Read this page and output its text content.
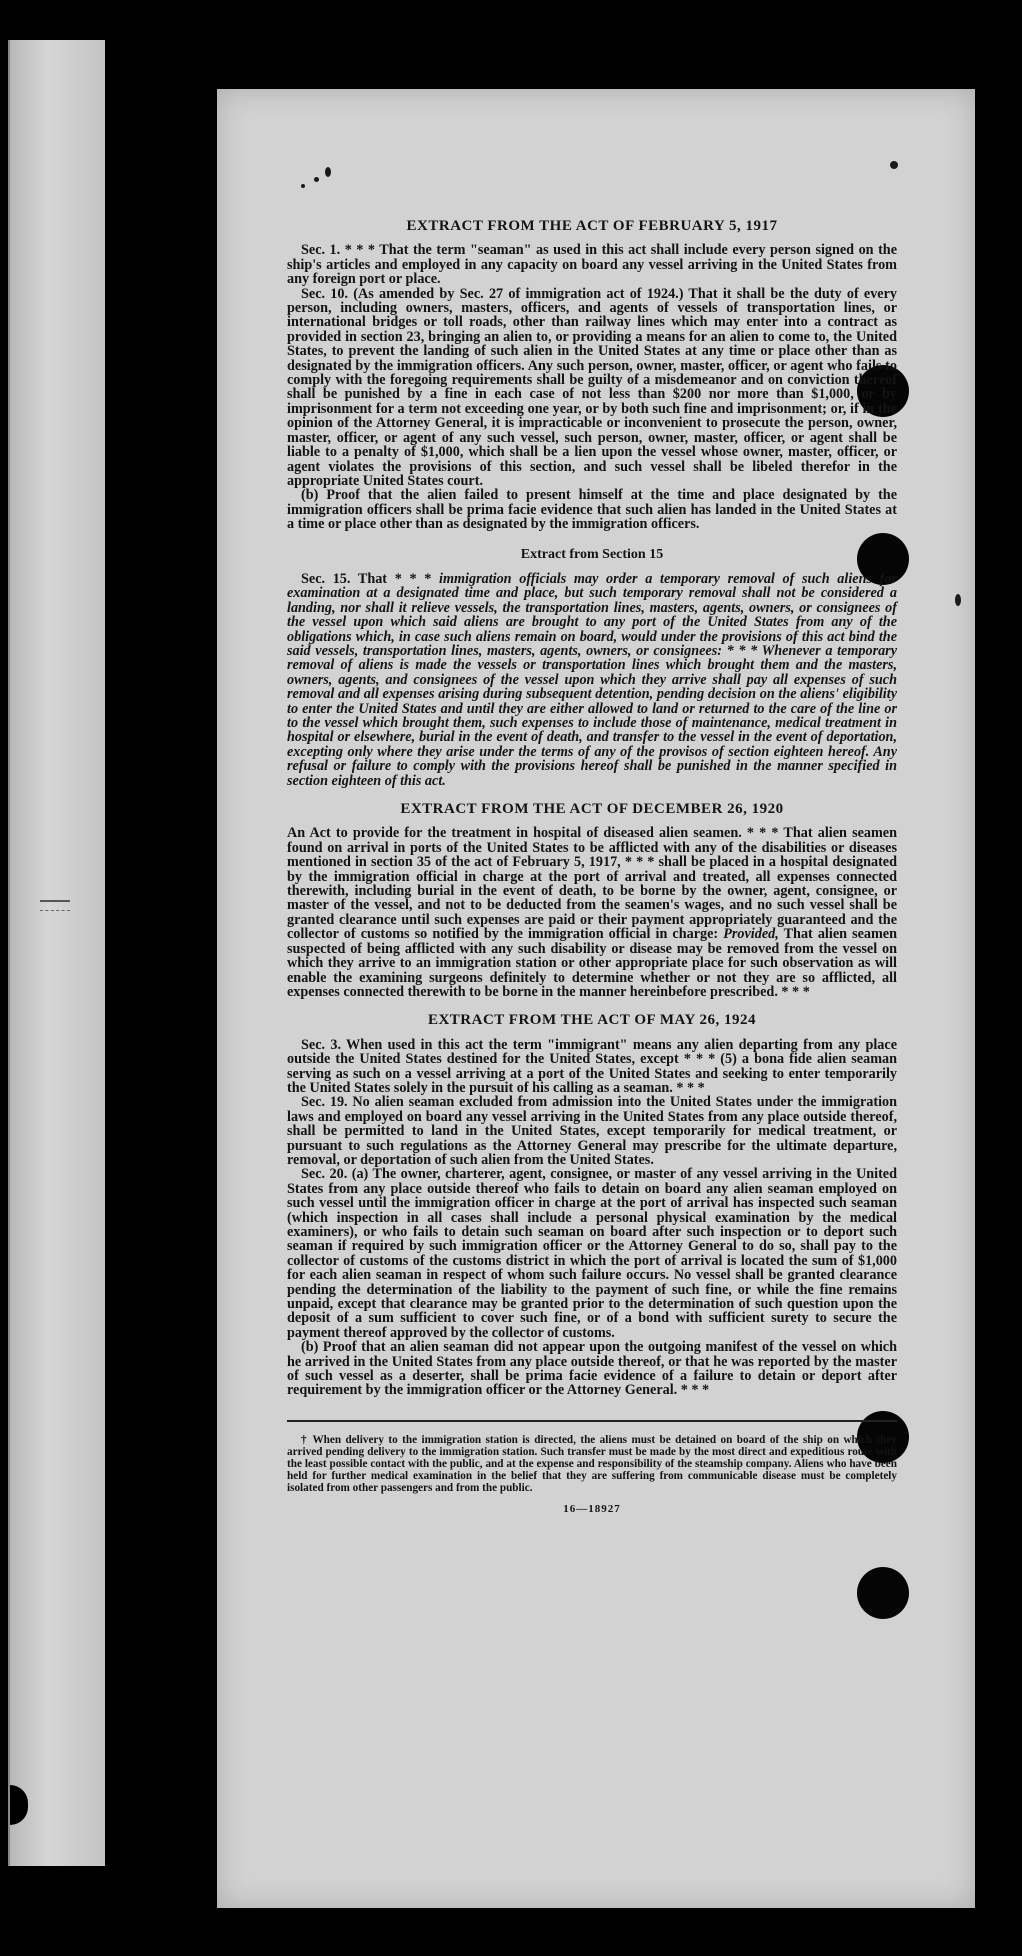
EXTRACT FROM THE ACT OF FEBRUARY 5, 1917

Sec. 1. * * * That the term "seaman" as used in this act shall include every person signed on the ship's articles and employed in any capacity on board any vessel arriving in the United States from any foreign port or place.

Sec. 10. (As amended by Sec. 27 of immigration act of 1924.) That it shall be the duty of every person, including owners, masters, officers, and agents of vessels of transportation lines, or international bridges or toll roads, other than railway lines which may enter into a contract as provided in section 23, bringing an alien to, or providing a means for an alien to come to, the United States, to prevent the landing of such alien in the United States at any time or place other than as designated by the immigration officers. Any such person, owner, master, officer, or agent who fails to comply with the foregoing requirements shall be guilty of a misdemeanor and on conviction thereof shall be punished by a fine in each case of not less than $200 nor more than $1,000, or by imprisonment for a term not exceeding one year, or by both such fine and imprisonment; or, if in the opinion of the Attorney General, it is impracticable or inconvenient to prosecute the person, owner, master, officer, or agent of any such vessel, such person, owner, master, officer, or agent shall be liable to a penalty of $1,000, which shall be a lien upon the vessel whose owner, master, officer, or agent violates the provisions of this section, and such vessel shall be libeled therefor in the appropriate United States court.

(b) Proof that the alien failed to present himself at the time and place designated by the immigration officers shall be prima facie evidence that such alien has landed in the United States at a time or place other than as designated by the immigration officers.

Extract from Section 15

Sec. 15. That * * * immigration officials may order a temporary removal of such aliens for examination at a designated time and place, but such temporary removal shall not be considered a landing, nor shall it relieve vessels, the transportation lines, masters, agents, owners, or consignees of the vessel upon which said aliens are brought to any port of the United States from any of the obligations which, in case such aliens remain on board, would under the provisions of this act bind the said vessels, transportation lines, masters, agents, owners, or consignees: * * * Whenever a temporary removal of aliens is made the vessels or transportation lines which brought them and the masters, owners, agents, and consignees of the vessel upon which they arrive shall pay all expenses of such removal and all expenses arising during subsequent detention, pending decision on the aliens' eligibility to enter the United States and until they are either allowed to land or returned to the care of the line or to the vessel which brought them, such expenses to include those of maintenance, medical treatment in hospital or elsewhere, burial in the event of death, and transfer to the vessel in the event of deportation, excepting only where they arise under the terms of any of the provisos of section eighteen hereof. Any refusal or failure to comply with the provisions hereof shall be punished in the manner specified in section eighteen of this act.

EXTRACT FROM THE ACT OF DECEMBER 26, 1920

An Act to provide for the treatment in hospital of diseased alien seamen. * * * That alien seamen found on arrival in ports of the United States to be afflicted with any of the disabilities or diseases mentioned in section 35 of the act of February 5, 1917, * * * shall be placed in a hospital designated by the immigration official in charge at the port of arrival and treated, all expenses connected therewith, including burial in the event of death, to be borne by the owner, agent, consignee, or master of the vessel, and not to be deducted from the seamen's wages, and no such vessel shall be granted clearance until such expenses are paid or their payment appropriately guaranteed and the collector of customs so notified by the immigration official in charge: Provided, That alien seamen suspected of being afflicted with any such disability or disease may be removed from the vessel on which they arrive to an immigration station or other appropriate place for such observation as will enable the examining surgeons definitely to determine whether or not they are so afflicted, all expenses connected therewith to be borne in the manner hereinbefore prescribed. * * *

EXTRACT FROM THE ACT OF MAY 26, 1924

Sec. 3. When used in this act the term "immigrant" means any alien departing from any place outside the United States destined for the United States, except * * * (5) a bona fide alien seaman serving as such on a vessel arriving at a port of the United States and seeking to enter temporarily the United States solely in the pursuit of his calling as a seaman. * * *

Sec. 19. No alien seaman excluded from admission into the United States under the immigration laws and employed on board any vessel arriving in the United States from any place outside thereof, shall be permitted to land in the United States, except temporarily for medical treatment, or pursuant to such regulations as the Attorney General may prescribe for the ultimate departure, removal, or deportation of such alien from the United States.

Sec. 20. (a) The owner, charterer, agent, consignee, or master of any vessel arriving in the United States from any place outside thereof who fails to detain on board any alien seaman employed on such vessel until the immigration officer in charge at the port of arrival has inspected such seaman (which inspection in all cases shall include a personal physical examination by the medical examiners), or who fails to detain such seaman on board after such inspection or to deport such seaman if required by such immigration officer or the Attorney General to do so, shall pay to the collector of customs of the customs district in which the port of arrival is located the sum of $1,000 for each alien seaman in respect of whom such failure occurs. No vessel shall be granted clearance pending the determination of the liability to the payment of such fine, or while the fine remains unpaid, except that clearance may be granted prior to the determination of such question upon the deposit of a sum sufficient to cover such fine, or of a bond with sufficient surety to secure the payment thereof approved by the collector of customs.

(b) Proof that an alien seaman did not appear upon the outgoing manifest of the vessel on which he arrived in the United States from any place outside thereof, or that he was reported by the master of such vessel as a deserter, shall be prima facie evidence of a failure to detain or deport after requirement by the immigration officer or the Attorney General. * * *

† When delivery to the immigration station is directed, the aliens must be detained on board of the ship on which they arrived pending delivery to the immigration station. Such transfer must be made by the most direct and expeditious route with the least possible contact with the public, and at the expense and responsibility of the steamship company. Aliens who have been held for further medical examination in the belief that they are suffering from communicable disease must be completely isolated from other passengers and from the public.

16—18927
